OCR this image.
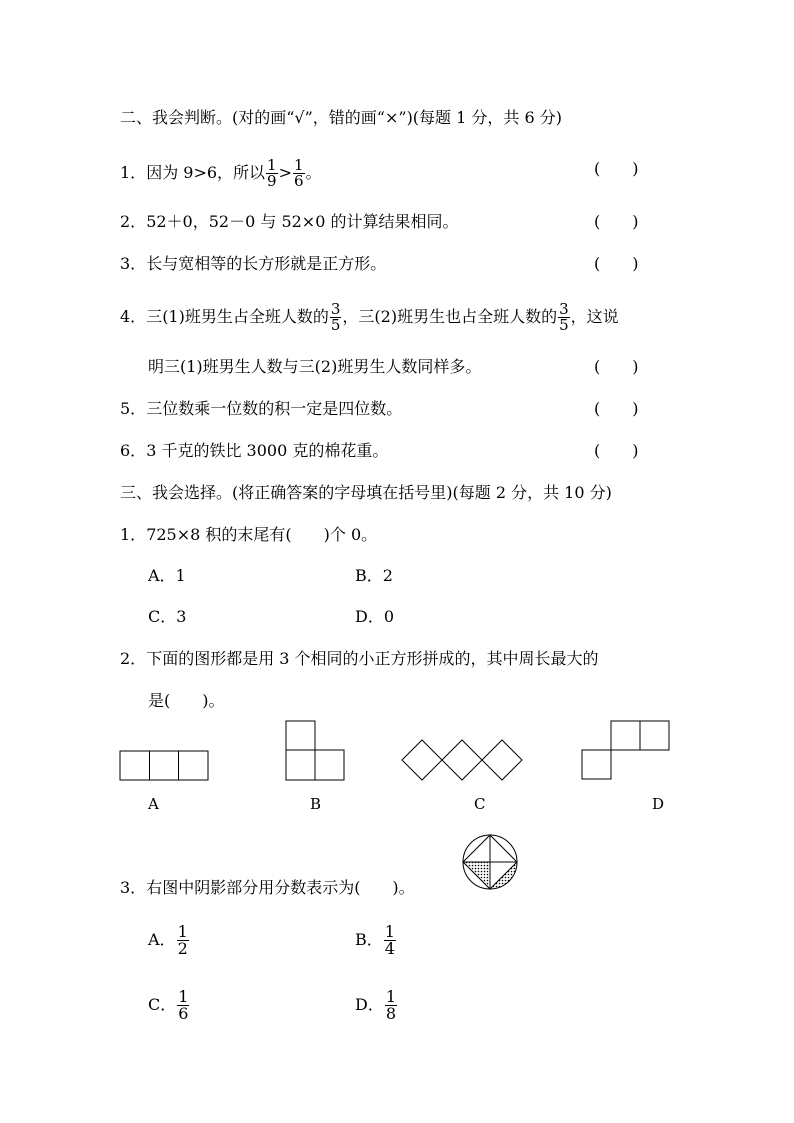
二、我会判断。(对的画“√”，错的画“×”)(每题 1 分，共 6 分)
1．因为 9>6，所以 $\frac{1}{9} > \frac{1}{6}$ 。	(　　)
2．52＋0，52－0 与 52×0 的计算结果相同。	(　　)
3．长与宽相等的长方形就是正方形。	(　　)
4．三(1)班男生占全班人数的 $\frac{3}{5}$ ，三(2)班男生也占全班人数的 $\frac{3}{5}$ ，这说
明三(1)班男生人数与三(2)班男生人数同样多。	(　　)
5．三位数乘一位数的积一定是四位数。	(　　)
6．3 千克的铁比 3000 克的棉花重。	(　　)
三、我会选择。(将正确答案的字母填在括号里)(每题 2 分，共 10 分)
1．725×8 积的末尾有(　　)个 0。
A．1	B．2
C．3	D．0
2．下面的图形都是用 3 个相同的小正方形拼成的，其中周长最大的
是(　　)。
A	B	C	D
3．右图中阴影部分用分数表示为(　　)。
A． $\frac{1}{2}$	B． $\frac{1}{4}$
C． $\frac{1}{6}$	D． $\frac{1}{8}$
